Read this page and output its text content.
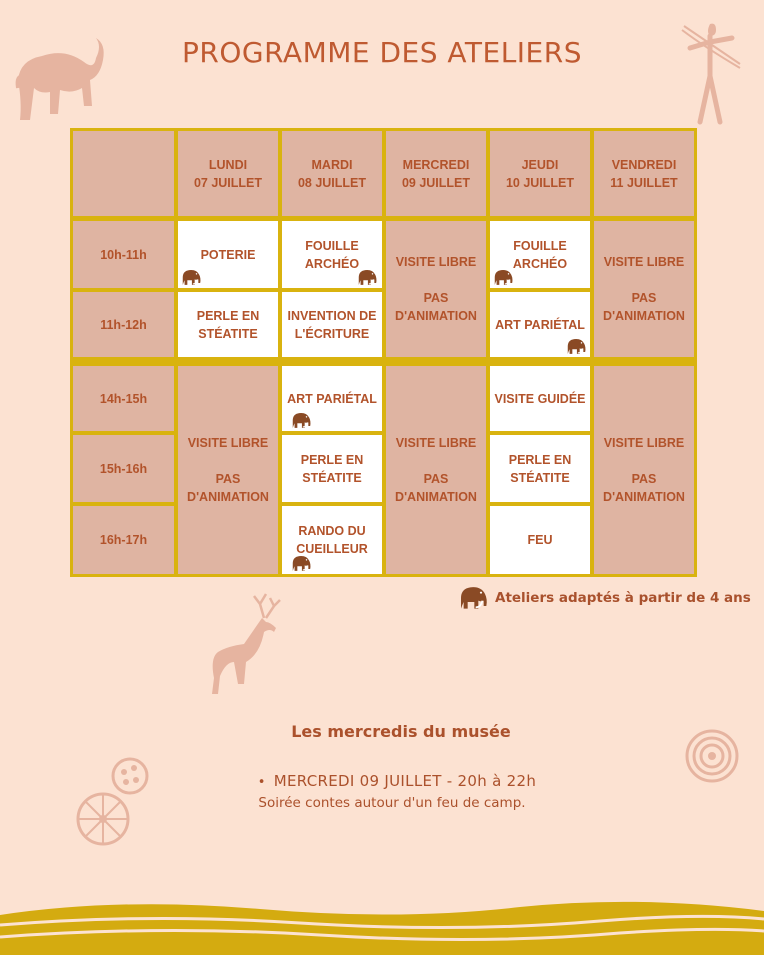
PROGRAMME DES ATELIERS
LUNDI
07 JUILLET
MARDI
08 JUILLET
MERCREDI
09 JUILLET
JEUDI
10 JUILLET
VENDREDI
11 JUILLET
10h-11h
11h-12h
POTERIE
PERLE EN
STÉATITE
FOUILLE
ARCHÉO
INVENTION DE
L'ÉCRITURE
VISITE LIBRE
PAS
D'ANIMATION
FOUILLE
ARCHÉO
ART PARIÉTAL
VISITE LIBRE
PAS
D'ANIMATION
14h-15h
15h-16h
16h-17h
VISITE LIBRE
PAS
D'ANIMATION
ART PARIÉTAL
PERLE EN
STÉATITE
RANDO DU
CUEILLEUR
VISITE LIBRE
PAS
D'ANIMATION
VISITE GUIDÉE
PERLE EN
STÉATITE
FEU
VISITE LIBRE
PAS
D'ANIMATION
Ateliers adaptés à partir de 4 ans
Les mercredis du musée
• MERCREDI 09 JUILLET - 20h à 22h
Soirée contes autour d'un feu de camp.
